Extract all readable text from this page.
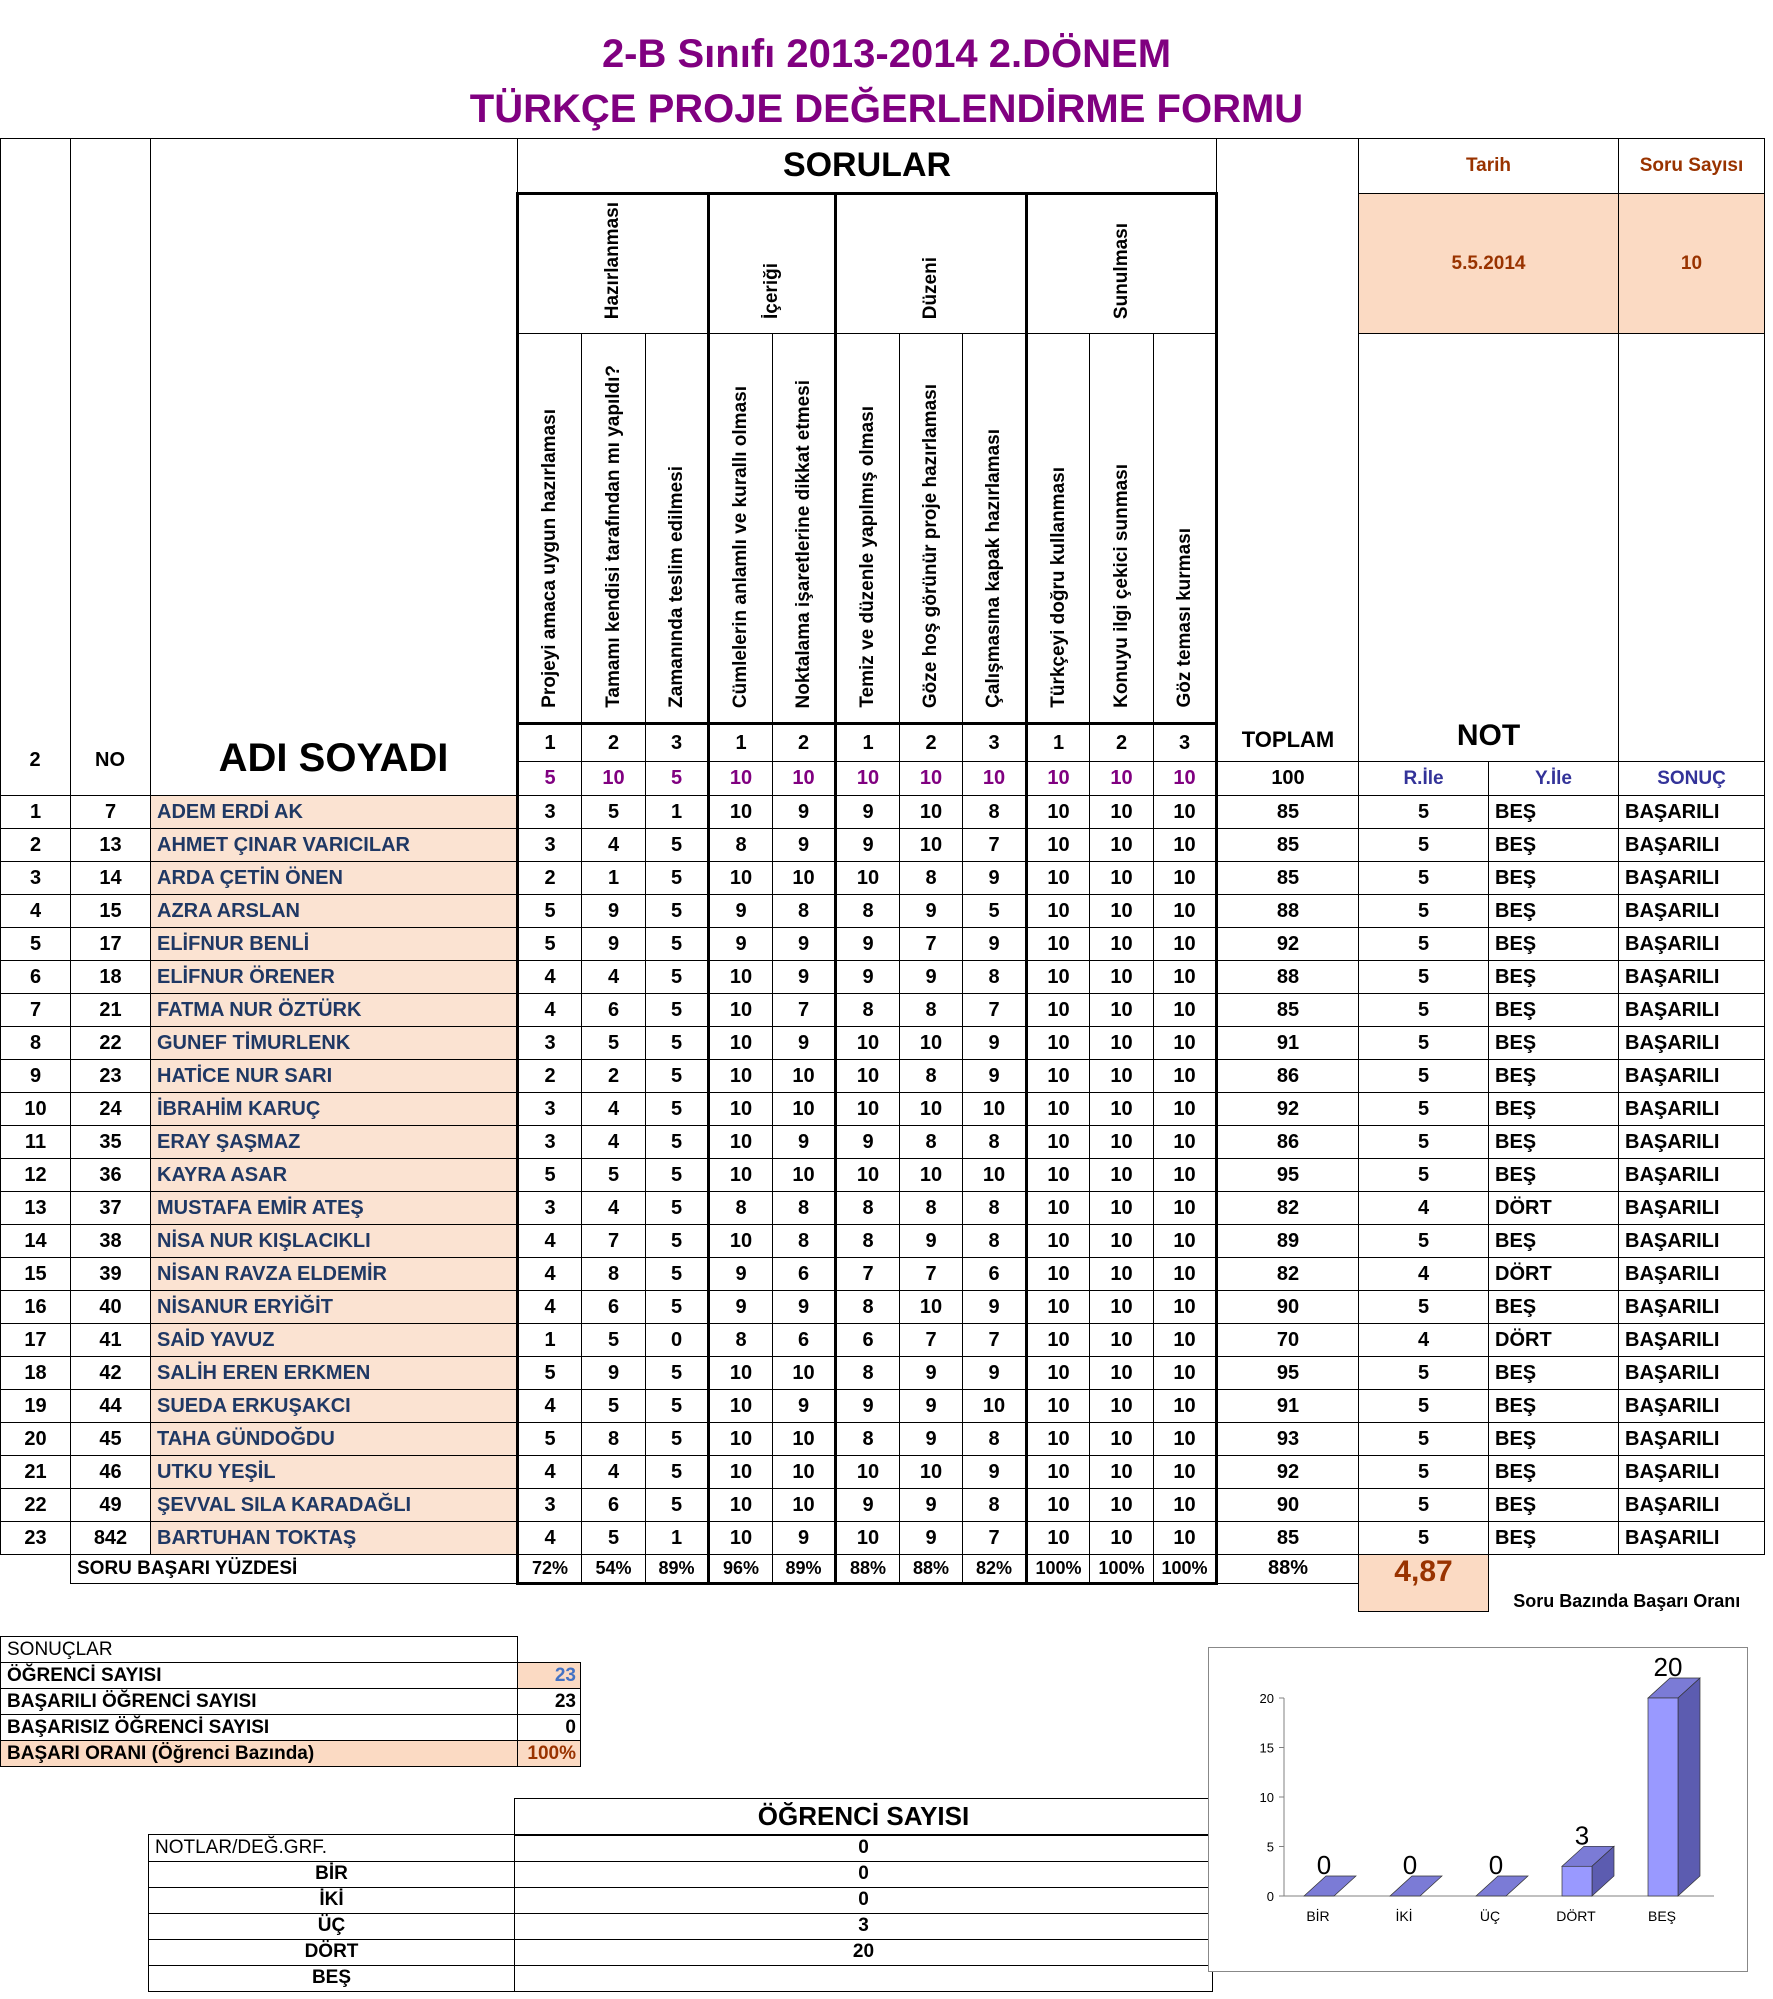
2-B Sınıfı 2013-2014 2.DÖNEM
TÜRKÇE PROJE DEĞERLENDİRME FORMU
			SORULAR											TOPLAM	Tarih		Soru Sayısı	
			Hazırlanması			İçeriği		Düzeni			Sunulması				5.5.2014		10	
			Projeyi amaca uygun hazırlaması	Tamamı kendisi tarafından mı yapıldı?	Zamanında teslim edilmesi	Cümlelerin anlamlı ve kurallı olması	Noktalama işaretlerine dikkat etmesi	Temiz ve düzenle yapılmış olması	Göze hoş görünür proje hazırlaması	Çalışmasına kapak hazırlaması	Türkçeyi doğru kullanması	Konuyu ilgi çekici sunması	Göz teması kurması		NOT			
			1	2	3	1	2	1	2	3	1	2	3					
			5	10	5	10	10	10	10	10	10	10	10	100	R.İle	Y.İle	SONUÇ	
1	7	ADEM ERDİ AK	3	5	1	10	9	9	10	8	10	10	10	85	5	BEŞ	BAŞARILI	
2	13	AHMET ÇINAR VARICILAR	3	4	5	8	9	9	10	7	10	10	10	85	5	BEŞ	BAŞARILI	
3	14	ARDA ÇETİN ÖNEN	2	1	5	10	10	10	8	9	10	10	10	85	5	BEŞ	BAŞARILI	
4	15	AZRA ARSLAN	5	9	5	9	8	8	9	5	10	10	10	88	5	BEŞ	BAŞARILI	
5	17	ELİFNUR BENLİ	5	9	5	9	9	9	7	9	10	10	10	92	5	BEŞ	BAŞARILI	
6	18	ELİFNUR ÖRENER	4	4	5	10	9	9	9	8	10	10	10	88	5	BEŞ	BAŞARILI	
7	21	FATMA NUR ÖZTÜRK	4	6	5	10	7	8	8	7	10	10	10	85	5	BEŞ	BAŞARILI	
8	22	GUNEF TİMURLENK	3	5	5	10	9	10	10	9	10	10	10	91	5	BEŞ	BAŞARILI	
9	23	HATİCE NUR SARI	2	2	5	10	10	10	8	9	10	10	10	86	5	BEŞ	BAŞARILI	
10	24	İBRAHİM KARUÇ	3	4	5	10	10	10	10	10	10	10	10	92	5	BEŞ	BAŞARILI	
11	35	ERAY ŞAŞMAZ	3	4	5	10	9	9	8	8	10	10	10	86	5	BEŞ	BAŞARILI	
12	36	KAYRA ASAR	5	5	5	10	10	10	10	10	10	10	10	95	5	BEŞ	BAŞARILI	
13	37	MUSTAFA EMİR ATEŞ	3	4	5	8	8	8	8	8	10	10	10	82	4	DÖRT	BAŞARILI	
14	38	NİSA NUR KIŞLACIKLI	4	7	5	10	8	8	9	8	10	10	10	89	5	BEŞ	BAŞARILI	
15	39	NİSAN RAVZA ELDEMİR	4	8	5	9	6	7	7	6	10	10	10	82	4	DÖRT	BAŞARILI	
16	40	NİSANUR ERYİĞİT	4	6	5	9	9	8	10	9	10	10	10	90	5	BEŞ	BAŞARILI	
17	41	SAİD YAVUZ	1	5	0	8	6	6	7	7	10	10	10	70	4	DÖRT	BAŞARILI	
18	42	SALİH EREN ERKMEN	5	9	5	10	10	8	9	9	10	10	10	95	5	BEŞ	BAŞARILI	
19	44	SUEDA ERKUŞAKCI	4	5	5	10	9	9	9	10	10	10	10	91	5	BEŞ	BAŞARILI	
20	45	TAHA GÜNDOĞDU	5	8	5	10	10	8	9	8	10	10	10	93	5	BEŞ	BAŞARILI	
21	46	UTKU YEŞİL	4	4	5	10	10	10	10	9	10	10	10	92	5	BEŞ	BAŞARILI	
22	49	ŞEVVAL SILA KARADAĞLI	3	6	5	10	10	9	9	8	10	10	10	90	5	BEŞ	BAŞARILI	
23	842	BARTUHAN TOKTAŞ	4	5	1	10	9	10	9	7	10	10	10	85	5	BEŞ	BAŞARILI	
	SORU BAŞARI YÜZDESİ		72%	54%	89%	96%	89%	88%	88%	82%	100%	100%	100%	88%	4,87	Soru Bazında Başarı Oranı		

2	NO	ADI SOYADI
SONUÇLAR	
ÖĞRENCİ SAYISI	23
BAŞARILI ÖĞRENCİ SAYISI	23
BAŞARISIZ ÖĞRENCİ SAYISI	0
BAŞARI ORANI (Öğrenci Bazında)	100%
	ÖĞRENCİ SAYISI
NOTLAR/DEĞ.GRF.	0
BİR	0
İKİ	0
ÜÇ	3
DÖRT	20
BEŞ	
0
5
10
15
20
0
BİR
0
İKİ
0
ÜÇ
3
DÖRT
20
BEŞ
